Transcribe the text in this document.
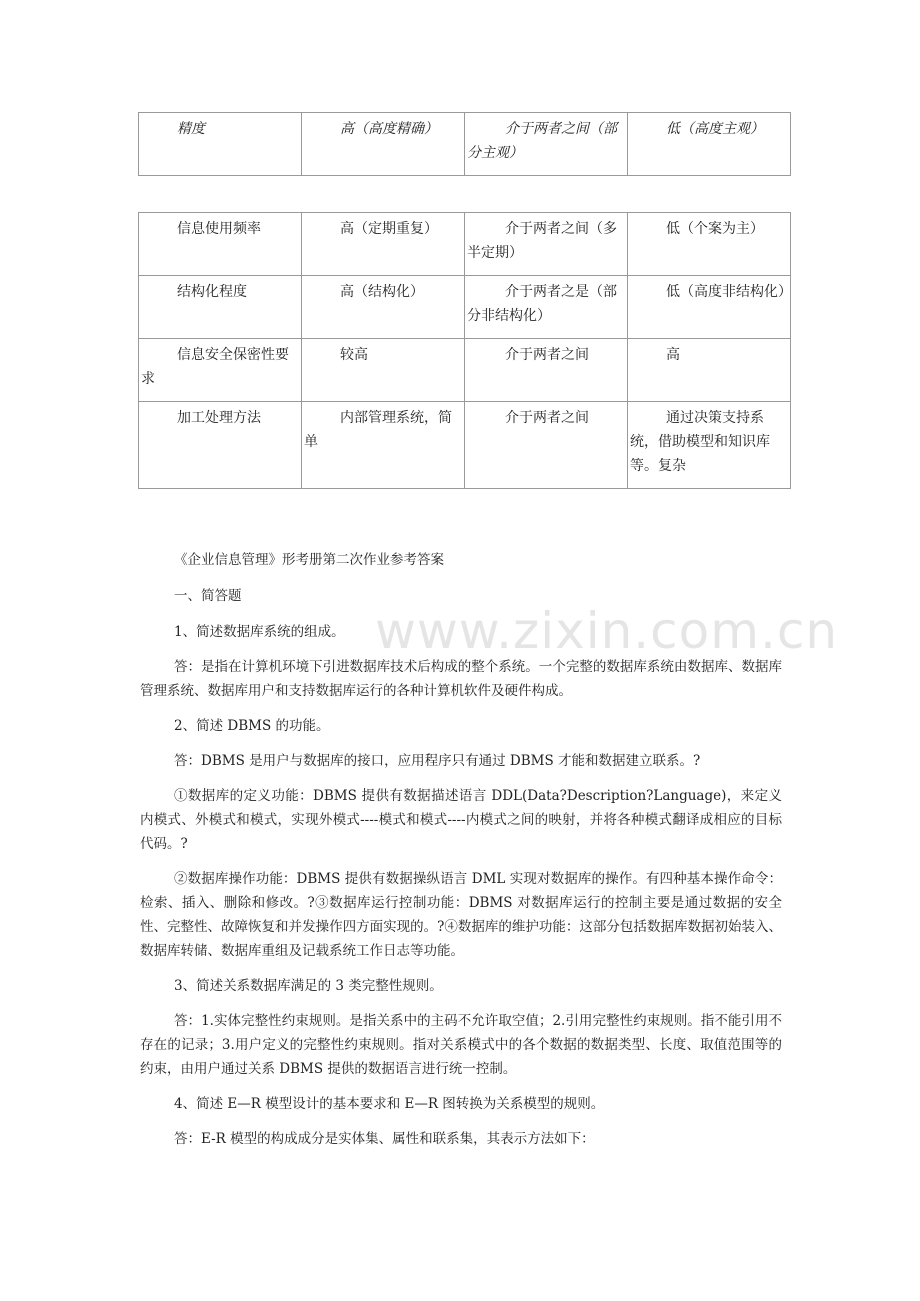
精度	高（高度精确）	介于两者之间（部分主观）	低（高度主观）
信息使用频率	高（定期重复）	介于两者之间（多半定期）	低（个案为主）
结构化程度	高（结构化）	介于两者之是（部分非结构化）	低（高度非结构化）
信息安全保密性要求	较高	介于两者之间	高
加工处理方法	内部管理系统，简单	介于两者之间	通过决策支持系统，借助模型和知识库等。复杂
www.zixin.com.cn

《企业信息管理》形考册第二次作业参考答案

一、简答题

1、简述数据库系统的组成。

答：是指在计算机环境下引进数据库技术后构成的整个系统。一个完整的数据库系统由数据库、数据库管理系统、数据库用户和支持数据库运行的各种计算机软件及硬件构成。

2、简述 DBMS 的功能。

答：DBMS 是用户与数据库的接口，应用程序只有通过 DBMS 才能和数据建立联系。?

①数据库的定义功能：DBMS 提供有数据描述语言 DDL(Data?Description?Language)，来定义内模式、外模式和模式，实现外模式----模式和模式----内模式之间的映射，并将各种模式翻译成相应的目标代码。?

②数据库操作功能：DBMS 提供有数据操纵语言 DML 实现对数据库的操作。有四种基本操作命令：检索、插入、删除和修改。?③数据库运行控制功能：DBMS 对数据库运行的控制主要是通过数据的安全性、完整性、故障恢复和并发操作四方面实现的。?④数据库的维护功能：这部分包括数据库数据初始装入、数据库转储、数据库重组及记载系统工作日志等功能。

3、简述关系数据库满足的 3 类完整性规则。

答：1.实体完整性约束规则。是指关系中的主码不允许取空值；2.引用完整性约束规则。指不能引用不存在的记录；3.用户定义的完整性约束规则。指对关系模式中的各个数据的数据类型、长度、取值范围等的约束，由用户通过关系 DBMS 提供的数据语言进行统一控制。

4、简述 E—R 模型设计的基本要求和 E—R 图转换为关系模型的规则。

答：E-R 模型的构成成分是实体集、属性和联系集，其表示方法如下：
